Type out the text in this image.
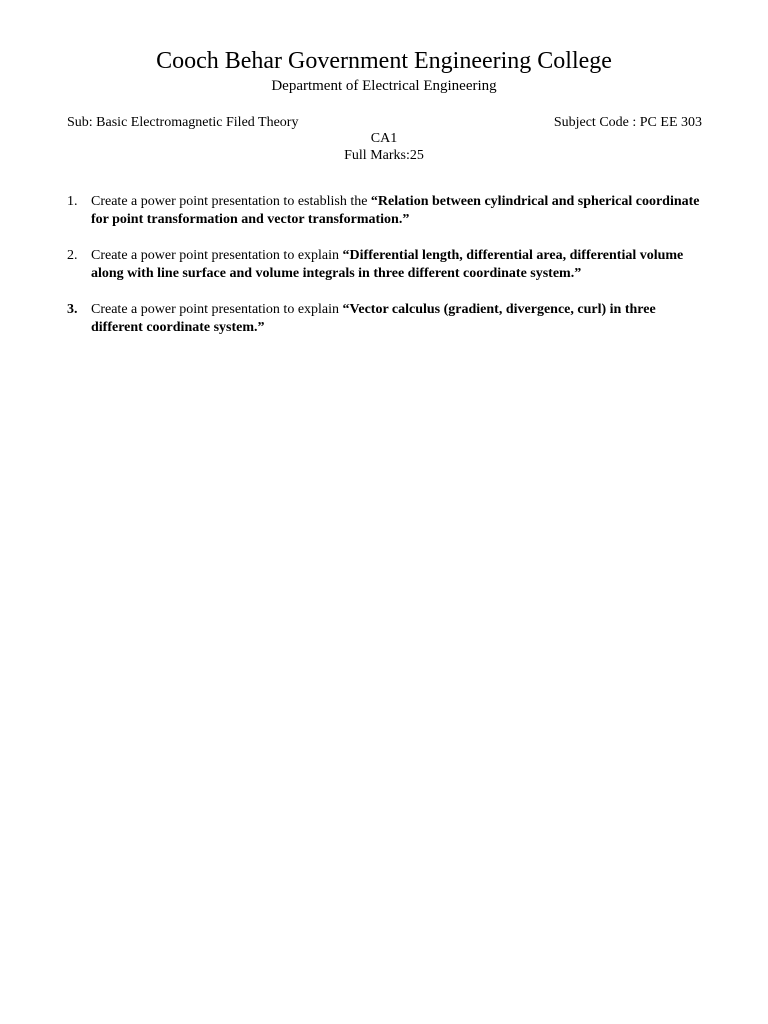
Cooch Behar Government Engineering College
Department of Electrical Engineering
Sub: Basic Electromagnetic Filed Theory	Subject Code : PC EE 303
CA1
Full Marks:25
1. Create a power point presentation to establish the “Relation between cylindrical and spherical coordinate for point transformation and vector transformation.”
2. Create a power point presentation to explain “Differential length, differential area, differential volume along with line surface and volume integrals in three different coordinate system.”
3. Create a power point presentation to explain “Vector calculus (gradient, divergence, curl) in three different coordinate system.”
